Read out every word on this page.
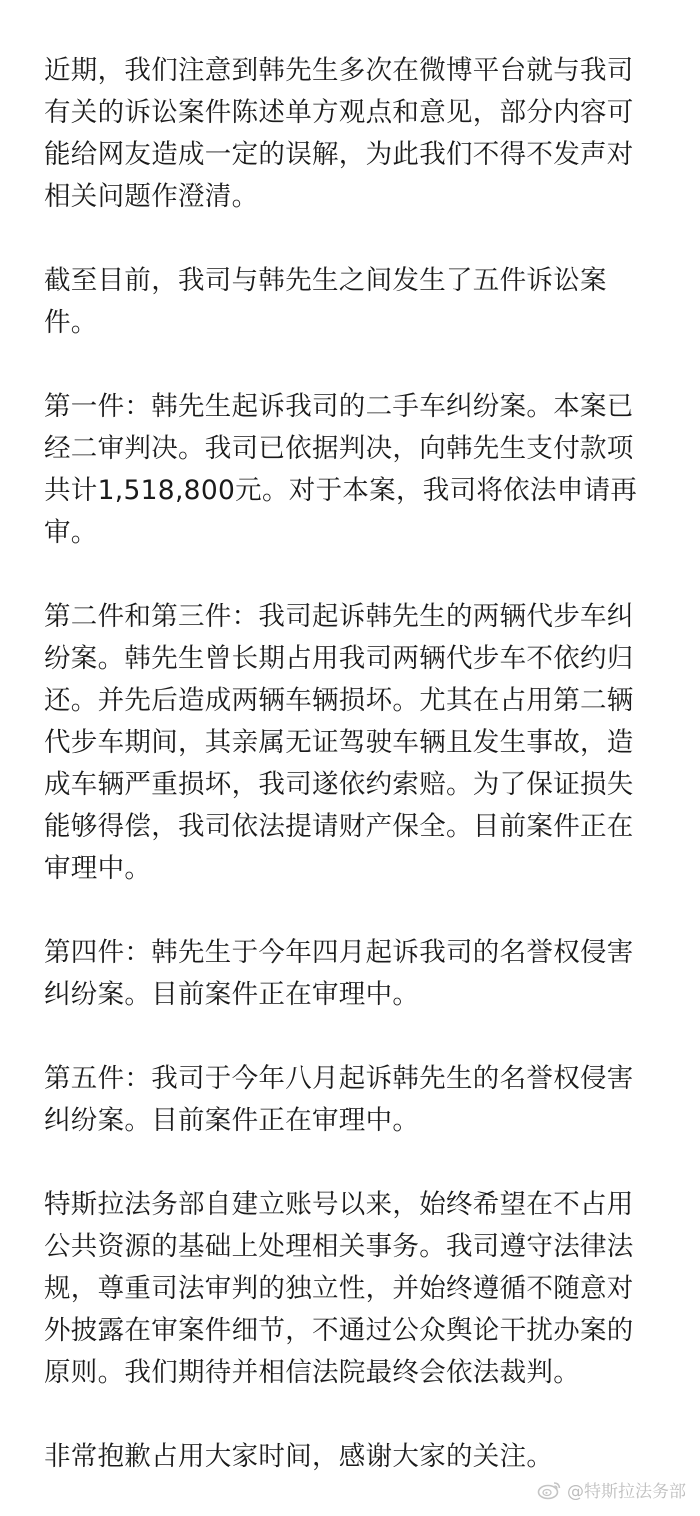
近期，我们注意到韩先生多次在微博平台就与我司有关的诉讼案件陈述单方观点和意见，部分内容可能给网友造成一定的误解，为此我们不得不发声对相关问题作澄清。

截至目前，我司与韩先生之间发生了五件诉讼案件。

第一件：韩先生起诉我司的二手车纠纷案。本案已经二审判决。我司已依据判决，向韩先生支付款项共计1,518,800元。对于本案，我司将依法申请再审。

第二件和第三件：我司起诉韩先生的两辆代步车纠纷案。韩先生曾长期占用我司两辆代步车不依约归还。并先后造成两辆车辆损坏。尤其在占用第二辆代步车期间，其亲属无证驾驶车辆且发生事故，造成车辆严重损坏，我司遂依约索赔。为了保证损失能够得偿，我司依法提请财产保全。目前案件正在审理中。

第四件：韩先生于今年四月起诉我司的名誉权侵害纠纷案。目前案件正在审理中。

第五件：我司于今年八月起诉韩先生的名誉权侵害纠纷案。目前案件正在审理中。

特斯拉法务部自建立账号以来，始终希望在不占用公共资源的基础上处理相关事务。我司遵守法律法规，尊重司法审判的独立性，并始终遵循不随意对外披露在审案件细节，不通过公众舆论干扰办案的原则。我们期待并相信法院最终会依法裁判。

非常抱歉占用大家时间，感谢大家的关注。

@特斯拉法务部
